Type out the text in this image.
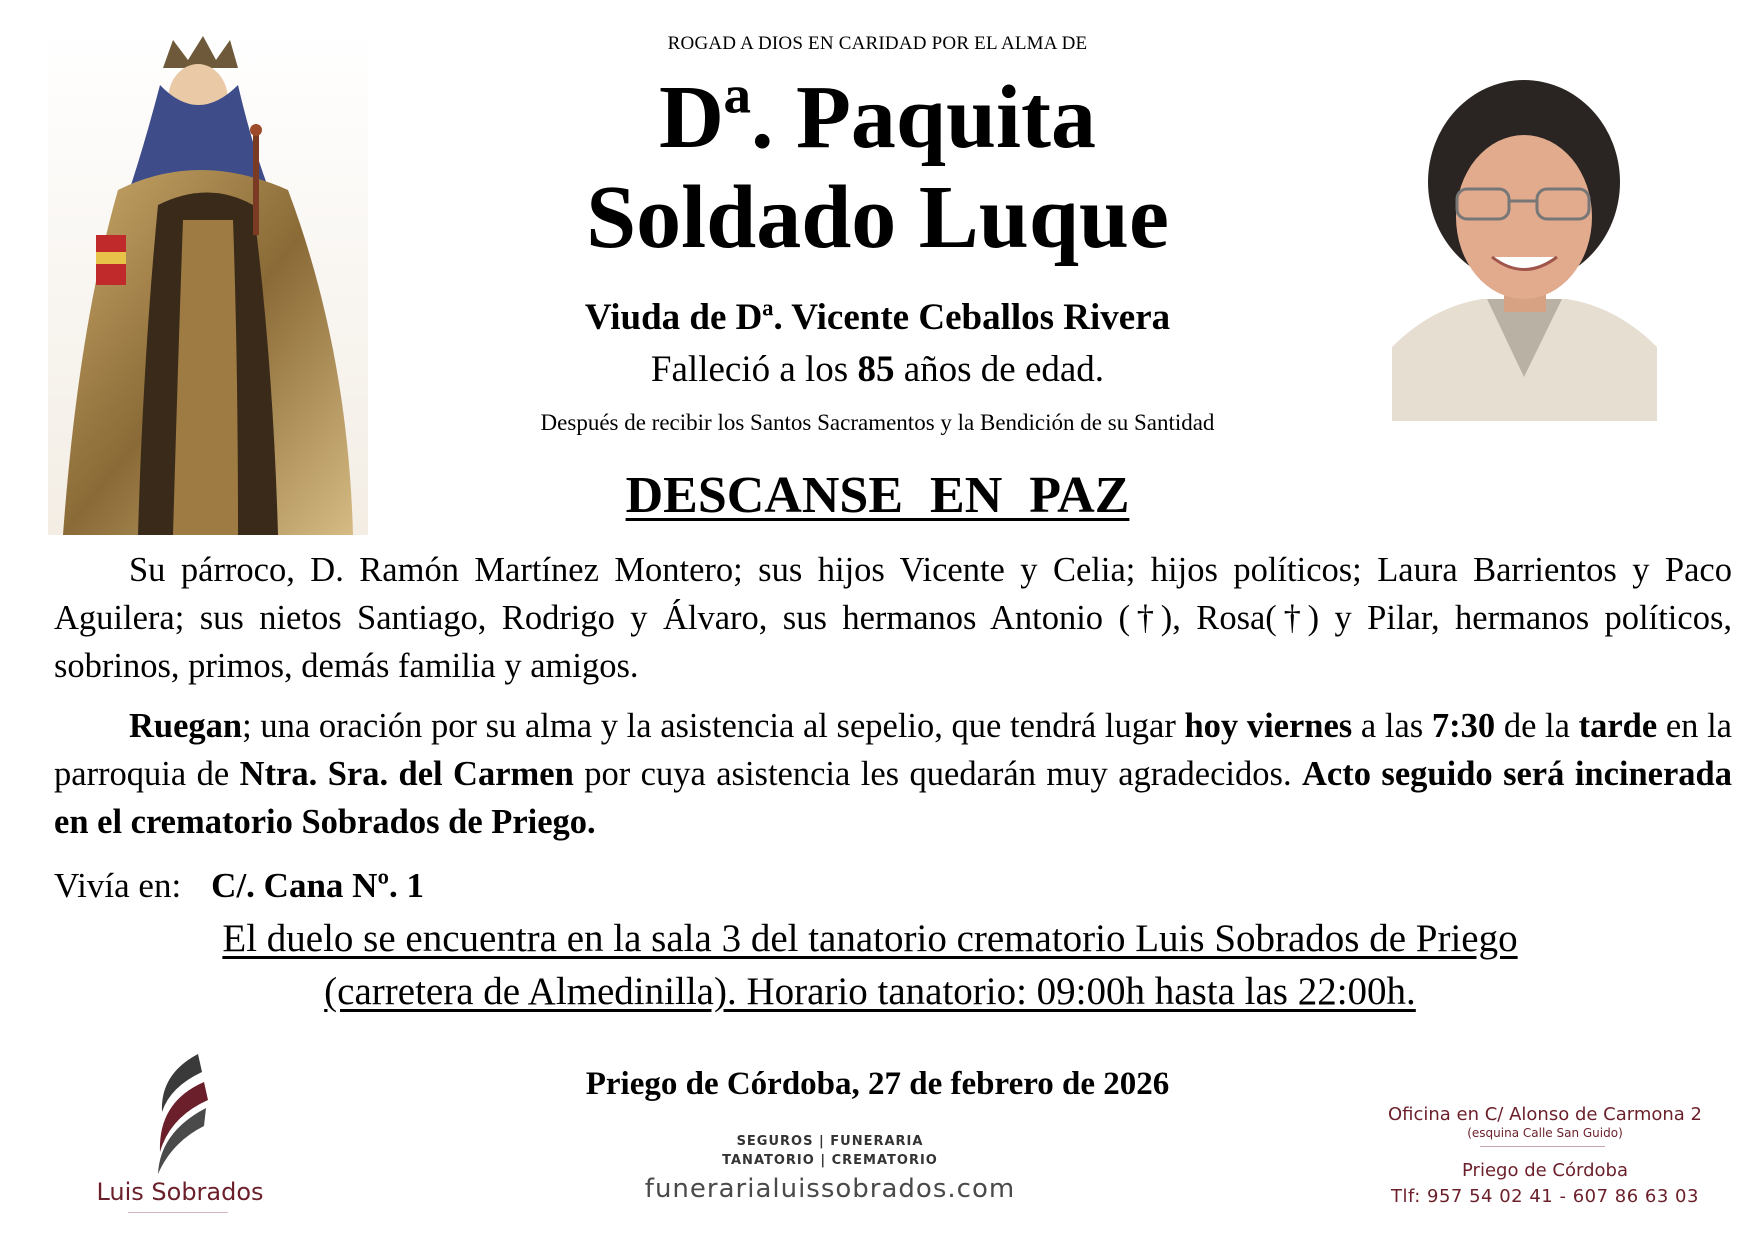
ROGAD A DIOS EN CARIDAD POR EL ALMA DE
Dª. Paquita
Soldado Luque
Viuda de Dª. Vicente Ceballos Rivera
Falleció a los 85 años de edad.
Después de recibir los Santos Sacramentos y la Bendición de su Santidad
DESCANSE EN PAZ
Su párroco, D. Ramón Martínez Montero; sus hijos Vicente y Celia; hijos políticos; Laura Barrientos y Paco Aguilera; sus nietos Santiago, Rodrigo y Álvaro, sus hermanos Antonio (†), Rosa(†) y Pilar, hermanos políticos, sobrinos, primos, demás familia y amigos.
Ruegan; una oración por su alma y la asistencia al sepelio, que tendrá lugar hoy viernes a las 7:30 de la tarde en la parroquia de Ntra. Sra. del Carmen por cuya asistencia les quedarán muy agradecidos. Acto seguido será incinerada en el crematorio Sobrados de Priego.
Vivía en: C/. Cana Nº. 1
El duelo se encuentra en la sala 3 del tanatorio crematorio Luis Sobrados de Priego
(carretera de Almedinilla). Horario tanatorio: 09:00h hasta las 22:00h.
Priego de Córdoba, 27 de febrero de 2026
Luis Sobrados
SEGUROS | FUNERARIA
TANATORIO | CREMATORIO
funerarialuissobrados.com
Oficina en C/ Alonso de Carmona 2
(esquina Calle San Guido)
Priego de Córdoba
Tlf: 957 54 02 41 - 607 86 63 03
